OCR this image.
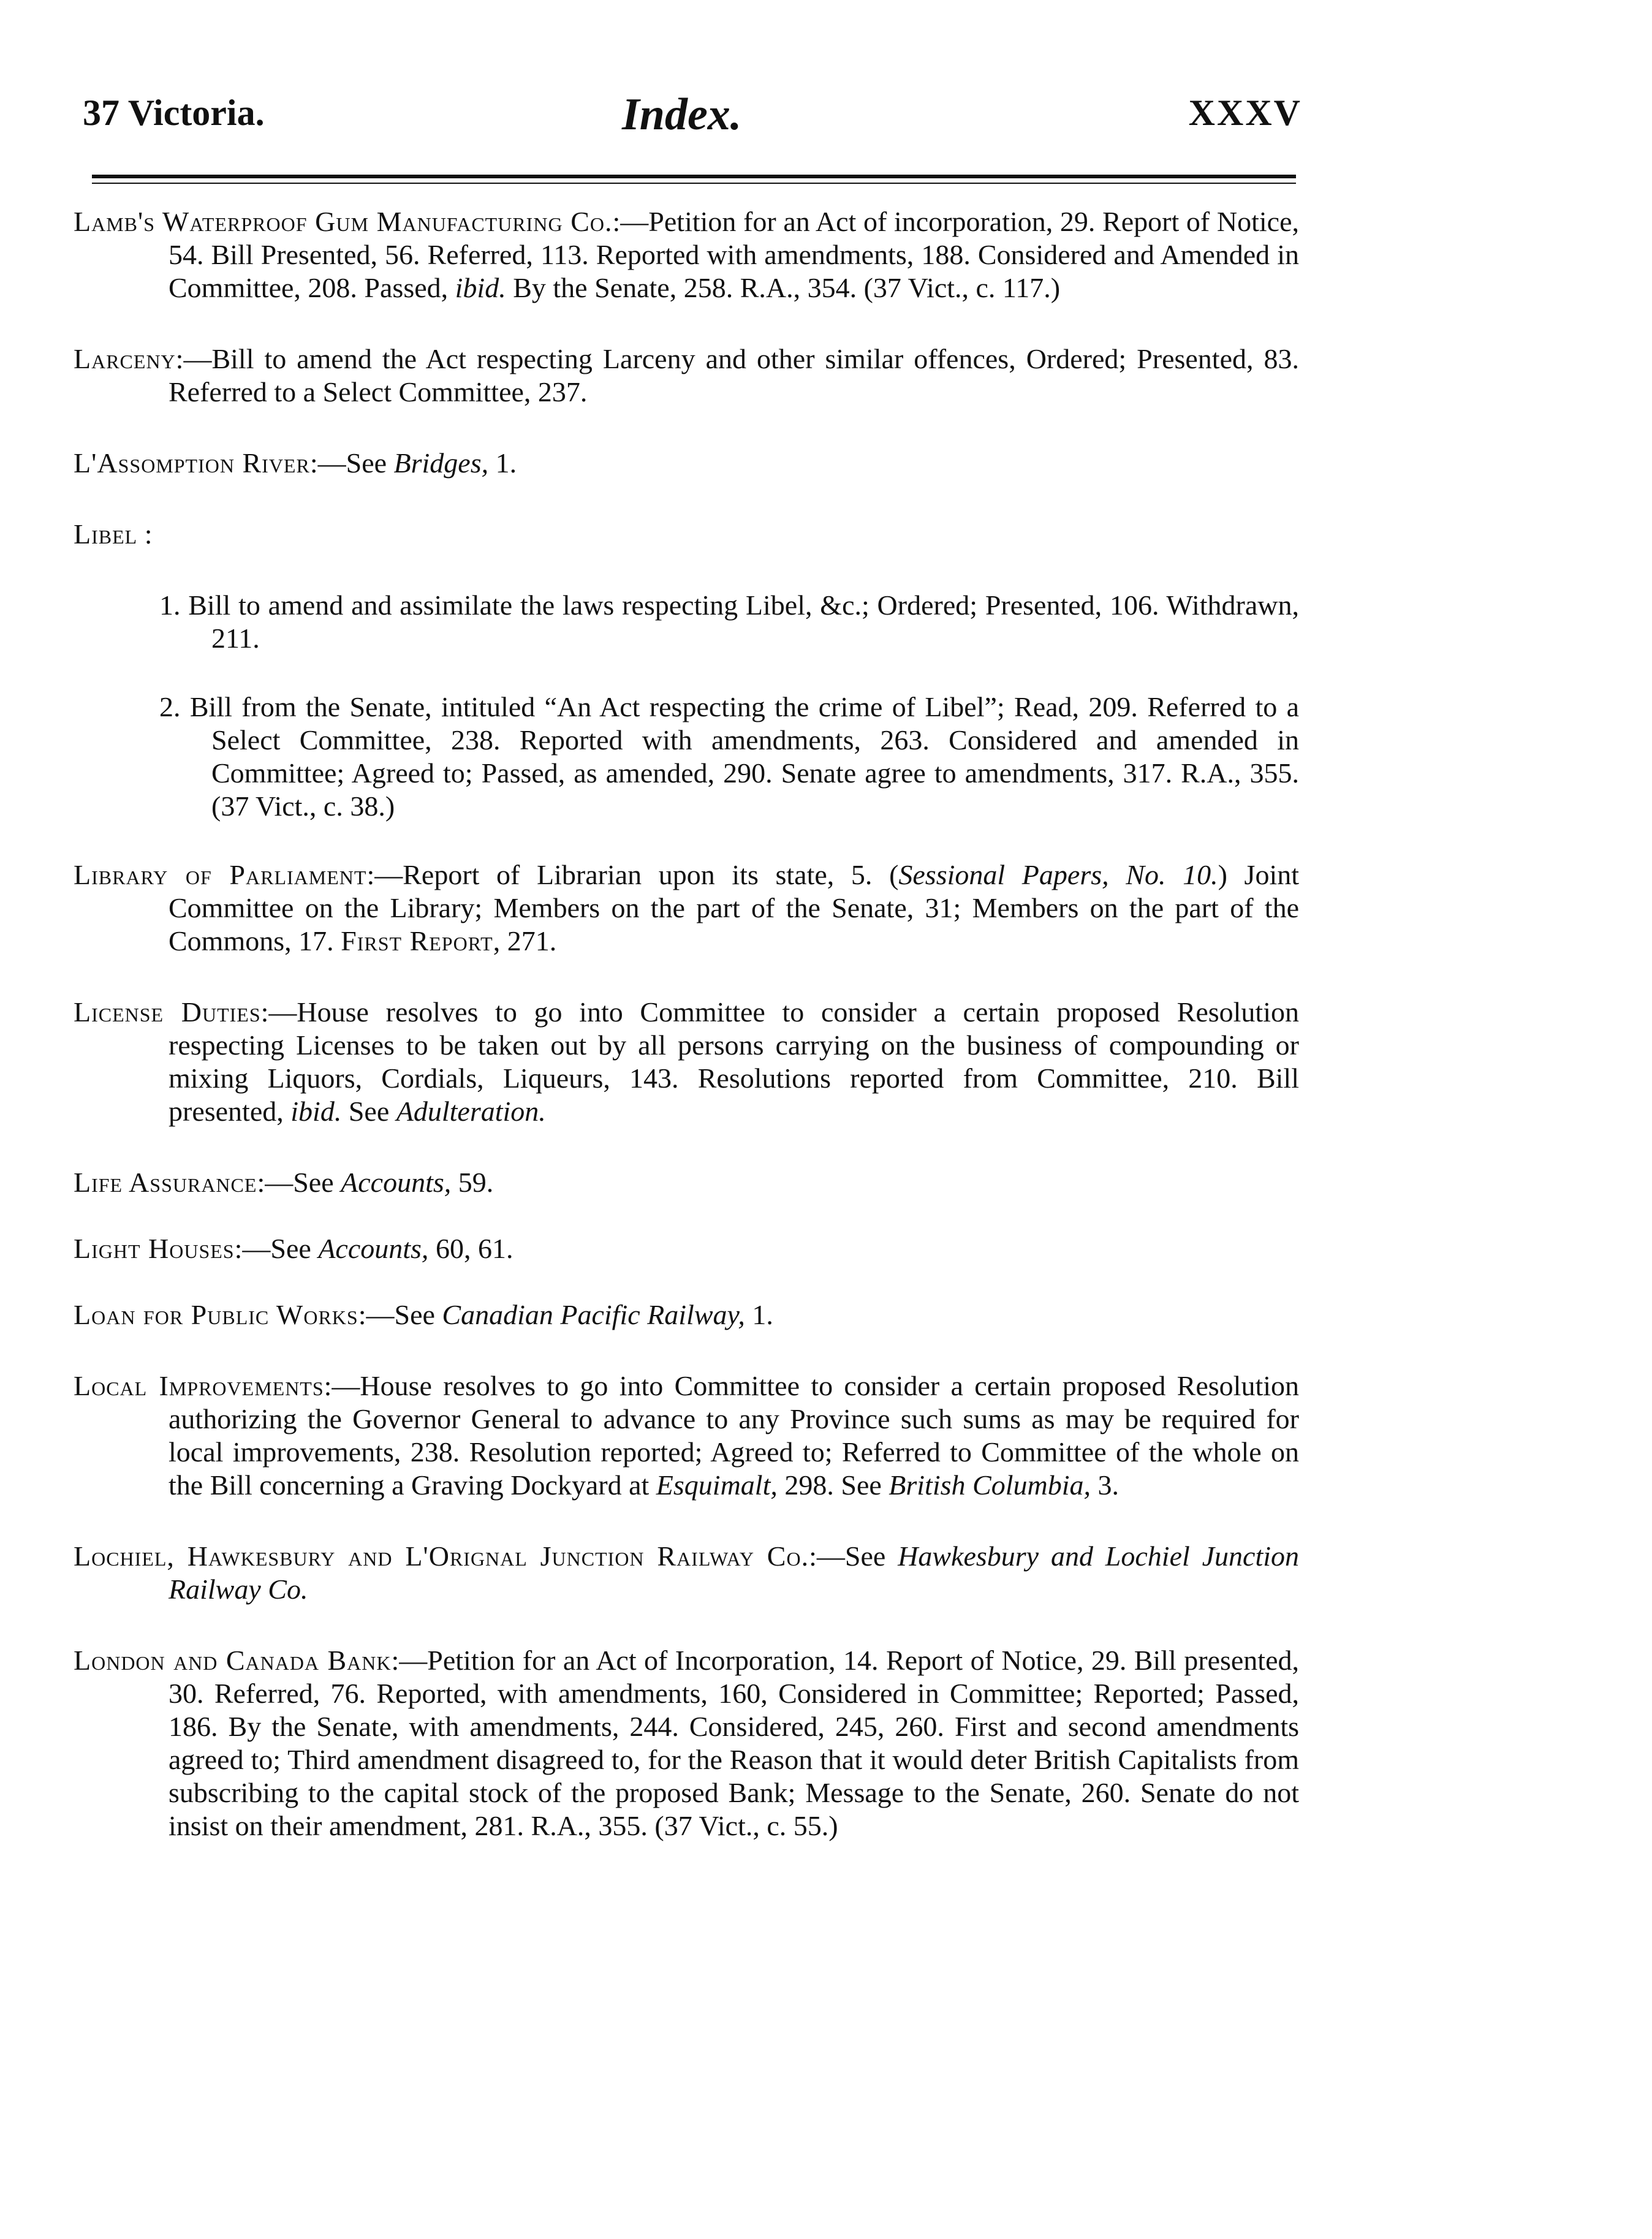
37 Victoria.	Index.	XXXV

Lamb's Waterproof Gum Manufacturing Co.:—Petition for an Act of incorporation, 29. Report of Notice, 54. Bill Presented, 56. Referred, 113. Reported with amendments, 188. Considered and Amended in Committee, 208. Passed, ibid. By the Senate, 258. R.A., 354. (37 Vict., c. 117.)

Larceny:—Bill to amend the Act respecting Larceny and other similar offences, Ordered; Presented, 83. Referred to a Select Committee, 237.

L'Assomption River:—See Bridges, 1.

Libel :

1. Bill to amend and assimilate the laws respecting Libel, &c.; Ordered; Presented, 106. Withdrawn, 211.

2. Bill from the Senate, intituled “An Act respecting the crime of Libel”; Read, 209. Referred to a Select Committee, 238. Reported with amendments, 263. Considered and amended in Committee; Agreed to; Passed, as amended, 290. Senate agree to amendments, 317. R.A., 355. (37 Vict., c. 38.)

Library of Parliament:—Report of Librarian upon its state, 5. (Sessional Papers, No. 10.) Joint Committee on the Library; Members on the part of the Senate, 31; Members on the part of the Commons, 17. First Report, 271.

License Duties:—House resolves to go into Committee to consider a certain proposed Resolution respecting Licenses to be taken out by all persons carrying on the business of compounding or mixing Liquors, Cordials, Liqueurs, 143. Resolutions reported from Committee, 210. Bill presented, ibid. See Adulteration.

Life Assurance:—See Accounts, 59.

Light Houses:—See Accounts, 60, 61.

Loan for Public Works:—See Canadian Pacific Railway, 1.

Local Improvements:—House resolves to go into Committee to consider a certain proposed Resolution authorizing the Governor General to advance to any Province such sums as may be required for local improvements, 238. Resolution reported; Agreed to; Referred to Committee of the whole on the Bill concerning a Graving Dockyard at Esquimalt, 298. See British Columbia, 3.

Lochiel, Hawkesbury and L'Orignal Junction Railway Co.:—See Hawkesbury and Lochiel Junction Railway Co.

London and Canada Bank:—Petition for an Act of Incorporation, 14. Report of Notice, 29. Bill presented, 30. Referred, 76. Reported, with amendments, 160, Considered in Committee; Reported; Passed, 186. By the Senate, with amendments, 244. Considered, 245, 260. First and second amendments agreed to; Third amendment disagreed to, for the Reason that it would deter British Capitalists from subscribing to the capital stock of the proposed Bank; Message to the Senate, 260. Senate do not insist on their amendment, 281. R.A., 355. (37 Vict., c. 55.)
